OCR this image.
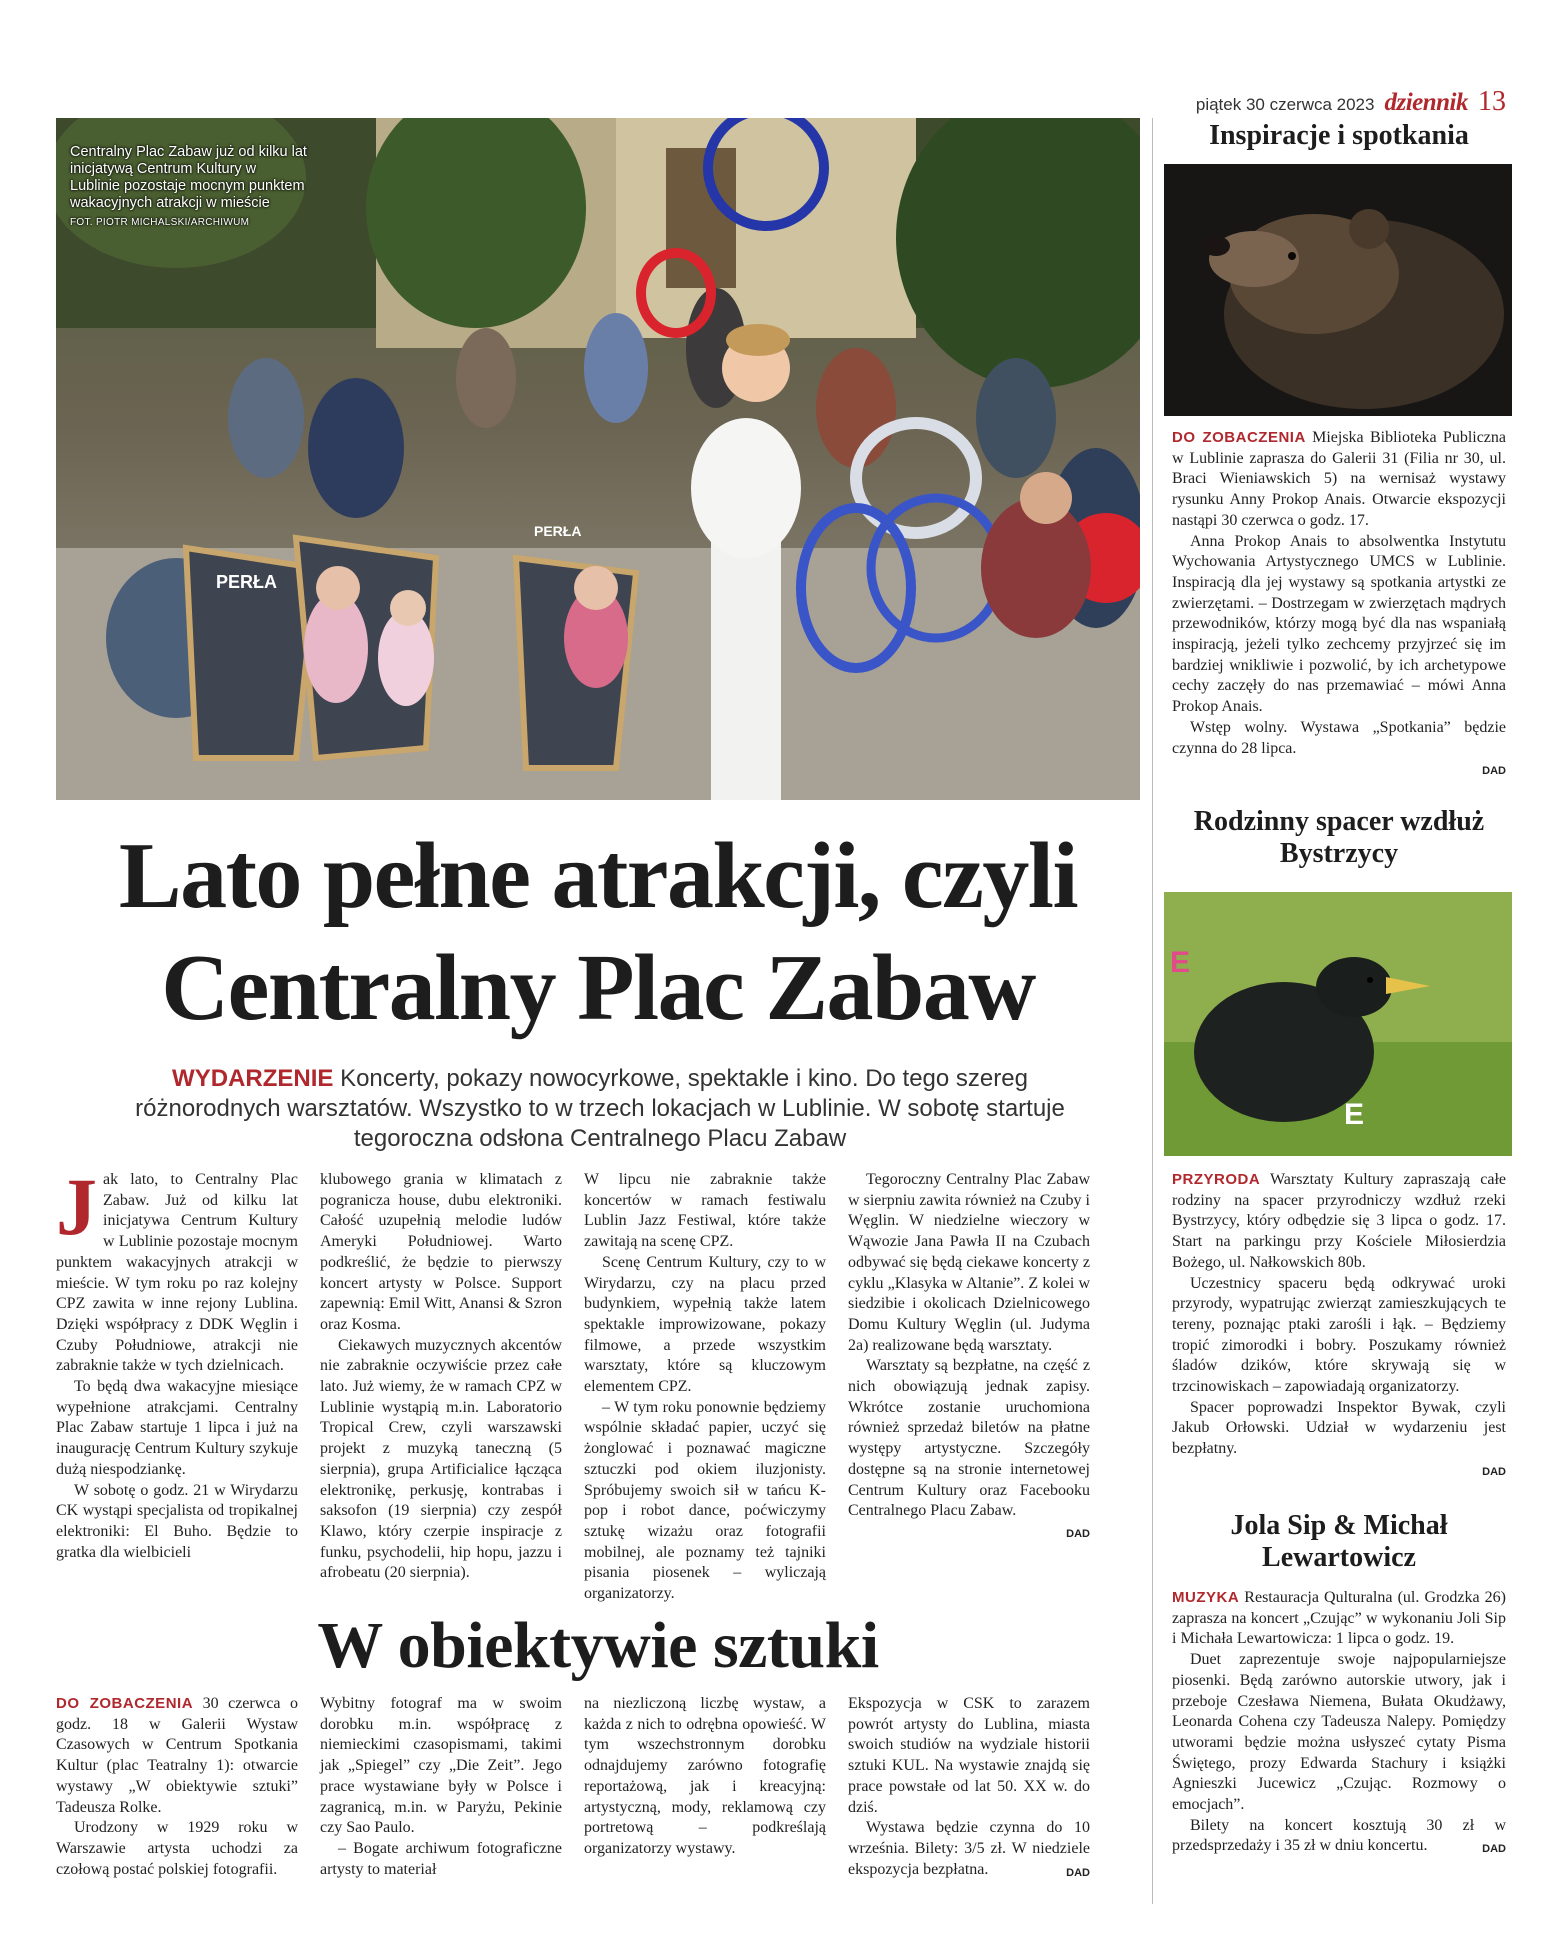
piątek 30 czerwca 2023 dziennik 13
PERŁA
PERŁA
Centralny Plac Zabaw już od kilku lat inicjatywą Centrum Kultury w Lublinie pozostaje mocnym punktem wakacyjnych atrakcji w mieście
FOT. PIOTR MICHALSKI/ARCHIWUM
Lato pełne atrakcji, czyli Centralny Plac Zabaw
WYDARZENIE Koncerty, pokazy nowocyrkowe, spektakle i kino. Do tego szereg różnorodnych warsztatów. Wszystko to w trzech lokacjach w Lublinie. W sobotę startuje tegoroczna odsłona Centralnego Placu Zabaw

Jak lato, to Centralny Plac Zabaw. Już od kilku lat inicjatywa Centrum Kultury w Lublinie pozostaje mocnym punktem wakacyjnych atrakcji w mieście. W tym roku po raz kolejny CPZ zawita w inne rejony Lublina. Dzięki współpracy z DDK Węglin i Czuby Południowe, atrakcji nie zabraknie także w tych dzielnicach.

To będą dwa wakacyjne miesiące wypełnione atrakcjami. Centralny Plac Zabaw startuje 1 lipca i już na inaugurację Centrum Kultury szykuje dużą niespodziankę.

W sobotę o godz. 21 w Wirydarzu CK wystąpi specjalista od tropikalnej elektroniki: El Buho. Będzie to gratka dla wielbicieli

klubowego grania w klimatach z pogranicza house, dubu elektroniki. Całość uzupełnią melodie ludów Ameryki Południowej. Warto podkreślić, że będzie to pierwszy koncert artysty w Polsce. Support zapewnią: Emil Witt, Anansi & Szron oraz Kosma.

Ciekawych muzycznych akcentów nie zabraknie oczywiście przez całe lato. Już wiemy, że w ramach CPZ w Lublinie wystąpią m.in. Laboratorio Tropical Crew, czyli warszawski projekt z muzyką taneczną (5 sierpnia), grupa Artificialice łącząca elektronikę, perkusję, kontrabas i saksofon (19 sierpnia) czy zespół Klawo, który czerpie inspiracje z funku, psychodelii, hip hopu, jazzu i afrobeatu (20 sierpnia).

W lipcu nie zabraknie także koncertów w ramach festiwalu Lublin Jazz Festiwal, które także zawitają na scenę CPZ.

Scenę Centrum Kultury, czy to w Wirydarzu, czy na placu przed budynkiem, wypełnią także latem spektakle improwizowane, pokazy filmowe, a przede wszystkim warsztaty, które są kluczowym elementem CPZ.

– W tym roku ponownie będziemy wspólnie składać papier, uczyć się żonglować i poznawać magiczne sztuczki pod okiem iluzjonisty. Spróbujemy swoich sił w tańcu K-pop i robot dance, poćwiczymy sztukę wizażu oraz fotografii mobilnej, ale poznamy też tajniki pisania piosenek – wyliczają organizatorzy.

Tegoroczny Centralny Plac Zabaw w sierpniu zawita również na Czuby i Węglin. W niedzielne wieczory w Wąwozie Jana Pawła II na Czubach odbywać się będą ciekawe koncerty z cyklu „Klasyka w Altanie”. Z kolei w siedzibie i okolicach Dzielnicowego Domu Kultury Węglin (ul. Judyma 2a) realizowane będą warsztaty.

Warsztaty są bezpłatne, na część z nich obowiązują jednak zapisy. Wkrótce zostanie uruchomiona również sprzedaż biletów na płatne występy artystyczne. Szczegóły dostępne są na stronie internetowej Centrum Kultury oraz Facebooku Centralnego Placu Zabaw.

DAD
W obiektywie sztuki

DO ZOBACZENIA 30 czerwca o godz. 18 w Galerii Wystaw Czasowych w Centrum Spotkania Kultur (plac Teatralny 1): otwarcie wystawy „W obiektywie sztuki” Tadeusza Rolke.

Urodzony w 1929 roku w Warszawie artysta uchodzi za czołową postać polskiej fotografii.

Wybitny fotograf ma w swoim dorobku m.in. współpracę z niemieckimi czasopismami, takimi jak „Spiegel” czy „Die Zeit”. Jego prace wystawiane były w Polsce i zagranicą, m.in. w Paryżu, Pekinie czy Sao Paulo.

– Bogate archiwum fotograficzne artysty to materiał

na niezliczoną liczbę wystaw, a każda z nich to odrębna opowieść. W tym wszechstronnym dorobku odnajdujemy zarówno fotografię reportażową, jak i kreacyjną: artystyczną, mody, reklamową czy portretową – podkreślają organizatorzy wystawy.

Ekspozycja w CSK to zarazem powrót artysty do Lublina, miasta swoich studiów na wydziale historii sztuki KUL. Na wystawie znajdą się prace powstałe od lat 50. XX w. do dziś.

Wystawa będzie czynna do 10 września. Bilety: 3/5 zł. W niedziele ekspozycja bezpłatna.	DAD

Inspiracje i spotkania

DO ZOBACZENIA Miejska Biblioteka Publiczna w Lublinie zaprasza do Galerii 31 (Filia nr 30, ul. Braci Wieniawskich 5) na wernisaż wystawy rysunku Anny Prokop Anais. Otwarcie ekspozycji nastąpi 30 czerwca o godz. 17.

Anna Prokop Anais to absolwentka Instytutu Wychowania Artystycznego UMCS w Lublinie. Inspiracją dla jej wystawy są spotkania artystki ze zwierzętami. – Dostrzegam w zwierzętach mądrych przewodników, którzy mogą być dla nas wspaniałą inspiracją, jeżeli tylko zechcemy przyjrzeć się im bardziej wnikliwie i pozwolić, by ich archetypowe cechy zaczęły do nas przemawiać – mówi Anna Prokop Anais.

Wstęp wolny. Wystawa „Spotkania” będzie czynna do 28 lipca.

DAD
Rodzinny spacer wzdłuż Bystrzycy
E
E

PRZYRODA Warsztaty Kultury zapraszają całe rodziny na spacer przyrodniczy wzdłuż rzeki Bystrzycy, który odbędzie się 3 lipca o godz. 17. Start na parkingu przy Kościele Miłosierdzia Bożego, ul. Nałkowskich 80b.

Uczestnicy spaceru będą odkrywać uroki przyrody, wypatrując zwierząt zamieszkujących te tereny, poznając ptaki zarośli i łąk. – Będziemy tropić zimorodki i bobry. Poszukamy również śladów dzików, które skrywają się w trzcinowiskach – zapowiadają organizatorzy.

Spacer poprowadzi Inspektor Bywak, czyli Jakub Orłowski. Udział w wydarzeniu jest bezpłatny.

DAD
Jola Sip & Michał Lewartowicz

MUZYKA Restauracja Qulturalna (ul. Grodzka 26) zaprasza na koncert „Czując” w wykonaniu Joli Sip i Michała Lewartowicza: 1 lipca o godz. 19.

Duet zaprezentuje swoje najpopularniejsze piosenki. Będą zarówno autorskie utwory, jak i przeboje Czesława Niemena, Bułata Okudżawy, Leonarda Cohena czy Tadeusza Nalepy. Pomiędzy utworami będzie można usłyszeć cytaty Pisma Świętego, prozy Edwarda Stachury i książki Agnieszki Jucewicz „Czując. Rozmowy o emocjach”.

Bilety na koncert kosztują 30 zł w przedsprzedaży i 35 zł w dniu koncertu.	DAD
